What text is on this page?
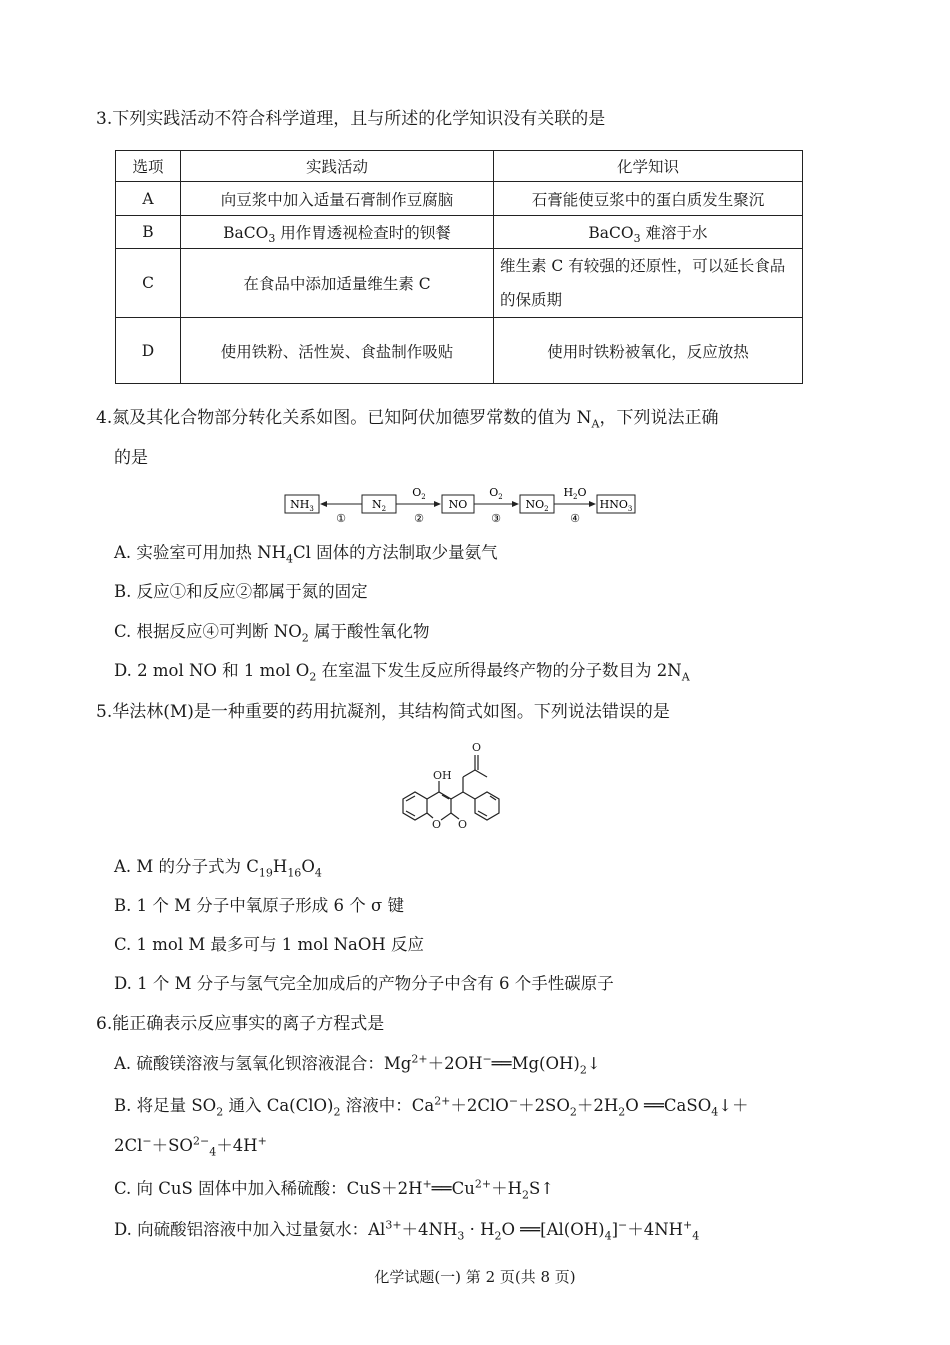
3.下列实践活动不符合科学道理，且与所述的化学知识没有关联的是
选项	实践活动	化学知识
A	向豆浆中加入适量石膏制作豆腐脑	石膏能使豆浆中的蛋白质发生聚沉
B	BaCO$_3$ 用作胃透视检查时的钡餐	BaCO$_3$ 难溶于水
C	在食品中添加适量维生素 C	维生素 C 有较强的还原性，可以延长食品
的保质期

D	使用铁粉、活性炭、食盐制作吸贴	使用时铁粉被氧化，反应放热
4.氮及其化合物部分转化关系如图。已知阿伏加德罗常数的值为 $N_A$，下列说法正确
的是
$NH_3$	$N_2$	NO	$NO_2$	$HNO_3$
①
$O_2$
②
$O_2$
③
$H_2O$
④
A. 实验室可用加热 $NH_4Cl$ 固体的方法制取少量氨气
B. 反应①和反应②都属于氮的固定
C. 根据反应④可判断 $NO_2$ 属于酸性氧化物
D. 2 mol NO 和 1 mol $O_2$ 在室温下发生反应所得最终产物的分子数目为 $2N_A$
5.华法林(M)是一种重要的药用抗凝剂，其结构简式如图。下列说法错误的是
OH
O O
O
A. M 的分子式为 $C_{19}H_{16}O_4$
B. 1 个 M 分子中氧原子形成 6 个 σ 键
C. 1 mol M 最多可与 1 mol NaOH 反应
D. 1 个 M 分子与氢气完全加成后的产物分子中含有 6 个手性碳原子
6.能正确表示反应事实的离子方程式是
A. 硫酸镁溶液与氢氧化钡溶液混合：$Mg^{2+}+2OH^-══Mg(OH)_2↓$
B. 将足量 $SO_2$ 通入 $Ca(ClO)_2$ 溶液中：$Ca^{2+}+2ClO^-+2SO_2+2H_2O$ ══CaSO$_4$↓＋
$2Cl^-+SO^{2-}_4+4H^+$
C. 向 CuS 固体中加入稀硫酸：$CuS+2H^+══Cu^{2+}+H_2S↑$
D. 向硫酸铝溶液中加入过量氨水：$Al^{3+}+4NH_3 \cdot H_2O$ $══[Al(OH)_4]^-+4NH^+_4$
化学试题(一) 第 2 页(共 8 页)
